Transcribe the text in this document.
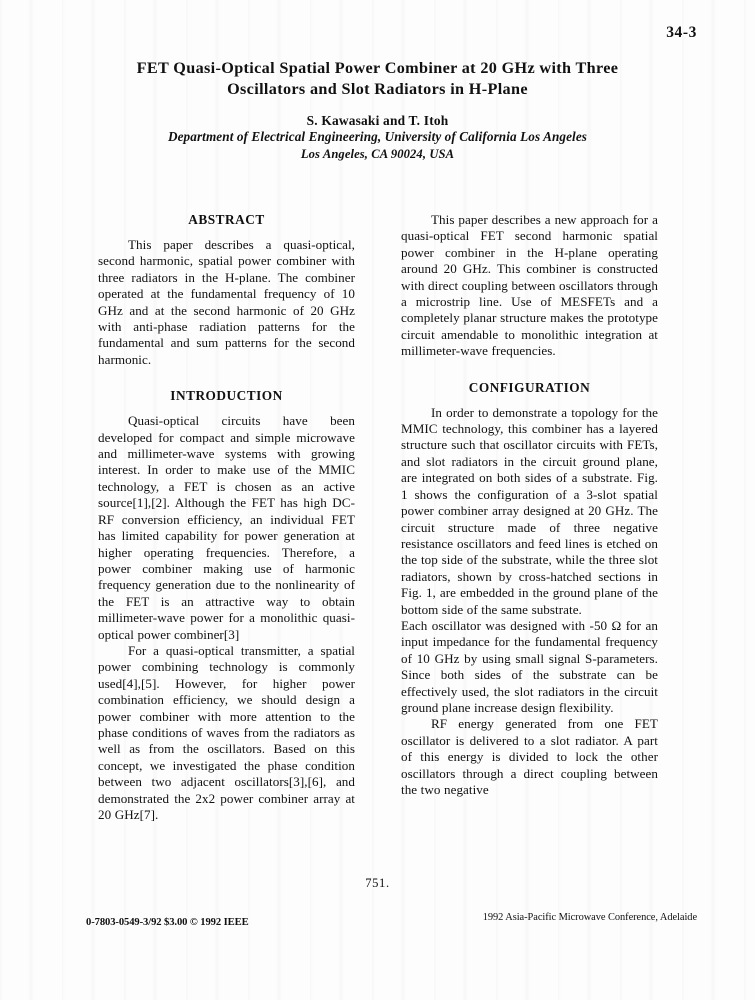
34-3
FET Quasi-Optical Spatial Power Combiner at 20 GHz with Three
Oscillators and Slot Radiators in H-Plane
S. Kawasaki and T. Itoh
Department of Electrical Engineering, University of California Los Angeles
Los Angeles, CA 90024, USA
ABSTRACT

This paper describes a quasi-optical, second harmonic, spatial power combiner with three radiators in the H-plane. The combiner operated at the fundamental frequency of 10 GHz and at the second harmonic of 20 GHz with anti-phase radiation patterns for the fundamental and sum patterns for the second harmonic.

INTRODUCTION

Quasi-optical circuits have been developed for compact and simple microwave and millimeter-wave systems with growing interest. In order to make use of the MMIC technology, a FET is chosen as an active source[1],[2]. Although the FET has high DC-RF conversion efficiency, an individual FET has limited capability for power generation at higher operating frequencies. Therefore, a power combiner making use of harmonic frequency generation due to the nonlinearity of the FET is an attractive way to obtain millimeter-wave power for a monolithic quasi-optical power combiner[3]

For a quasi-optical transmitter, a spatial power combining technology is commonly used[4],[5]. However, for higher power combination efficiency, we should design a power combiner with more attention to the phase conditions of waves from the radiators as well as from the oscillators. Based on this concept, we investigated the phase condition between two adjacent oscillators[3],[6], and demonstrated the 2x2 power combiner array at 20 GHz[7].

This paper describes a new approach for a quasi-optical FET second harmonic spatial power combiner in the H-plane operating around 20 GHz. This combiner is constructed with direct coupling between oscillators through a microstrip line. Use of MESFETs and a completely planar structure makes the prototype circuit amendable to monolithic integration at millimeter-wave frequencies.

CONFIGURATION

In order to demonstrate a topology for the MMIC technology, this combiner has a layered structure such that oscillator circuits with FETs, and slot radiators in the circuit ground plane, are integrated on both sides of a substrate. Fig. 1 shows the configuration of a 3-slot spatial power combiner array designed at 20 GHz. The circuit structure made of three negative resistance oscillators and feed lines is etched on the top side of the substrate, while the three slot radiators, shown by cross-hatched sections in Fig. 1, are embedded in the ground plane of the bottom side of the same substrate.

Each oscillator was designed with -50 Ω for an input impedance for the fundamental frequency of 10 GHz by using small signal S-parameters. Since both sides of the substrate can be effectively used, the slot radiators in the circuit ground plane increase design flexibility.

RF energy generated from one FET oscillator is delivered to a slot radiator. A part of this energy is divided to lock the other oscillators through a direct coupling between the two negative

751.
0-7803-0549-3/92 $3.00 © 1992 IEEE	1992 Asia-Pacific Microwave Conference, Adelaide
